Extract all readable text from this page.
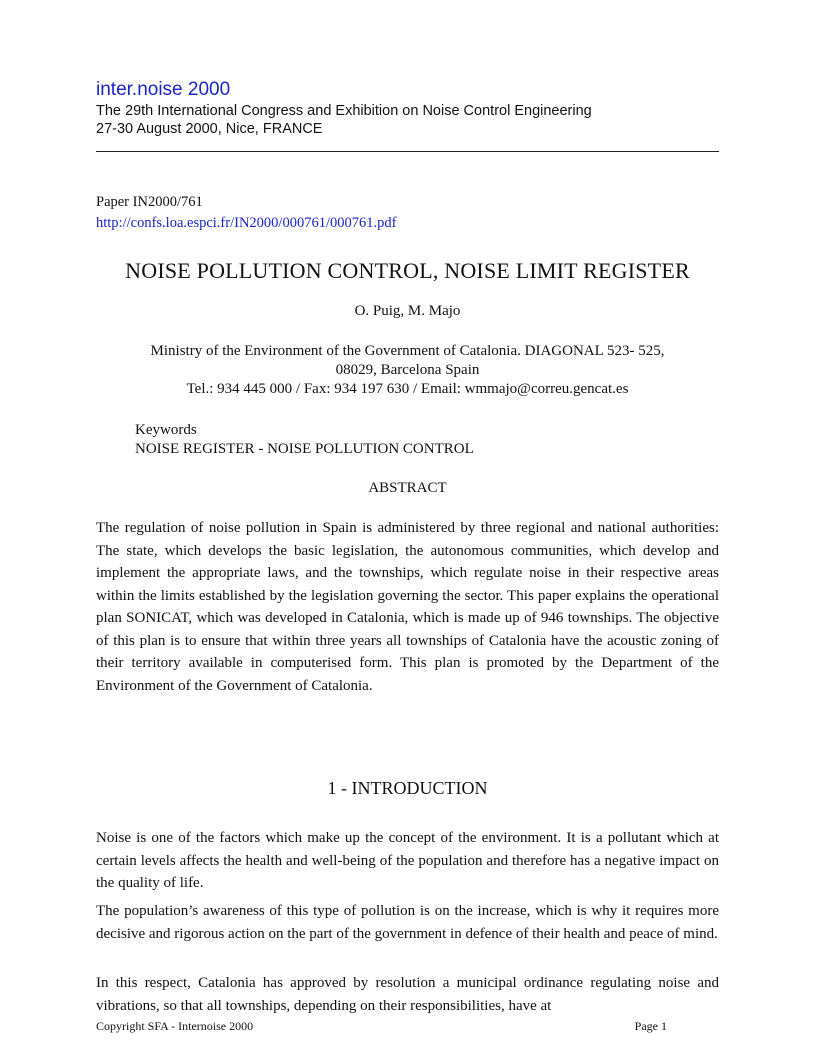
inter.noise 2000
The 29th International Congress and Exhibition on Noise Control Engineering
27-30 August 2000, Nice, FRANCE
Paper IN2000/761
http://confs.loa.espci.fr/IN2000/000761/000761.pdf
NOISE POLLUTION CONTROL, NOISE LIMIT REGISTER
O. Puig, M. Majo
Ministry of the Environment of the Government of Catalonia. DIAGONAL 523- 525,
08029, Barcelona Spain
Tel.: 934 445 000 / Fax: 934 197 630 / Email: wmmajo@correu.gencat.es
Keywords
NOISE REGISTER - NOISE POLLUTION CONTROL
ABSTRACT

The regulation of noise pollution in Spain is administered by three regional and national authorities: The state, which develops the basic legislation, the autonomous communities, which develop and implement the appropriate laws, and the townships, which regulate noise in their respective areas within the limits established by the legislation governing the sector. This paper explains the operational plan SONICAT, which was developed in Catalonia, which is made up of 946 townships. The objective of this plan is to ensure that within three years all townships of Catalonia have the acoustic zoning of their territory available in computerised form. This plan is promoted by the Department of the Environment of the Government of Catalonia.

1 - INTRODUCTION

Noise is one of the factors which make up the concept of the environment. It is a pollutant which at certain levels affects the health and well-being of the population and therefore has a negative impact on the quality of life.

The population’s awareness of this type of pollution is on the increase, which is why it requires more decisive and rigorous action on the part of the government in defence of their health and peace of mind.

In this respect, Catalonia has approved by resolution a municipal ordinance regulating noise and vibrations, so that all townships, depending on their responsibilities, have at

Copyright SFA - Internoise 2000	Page 1
